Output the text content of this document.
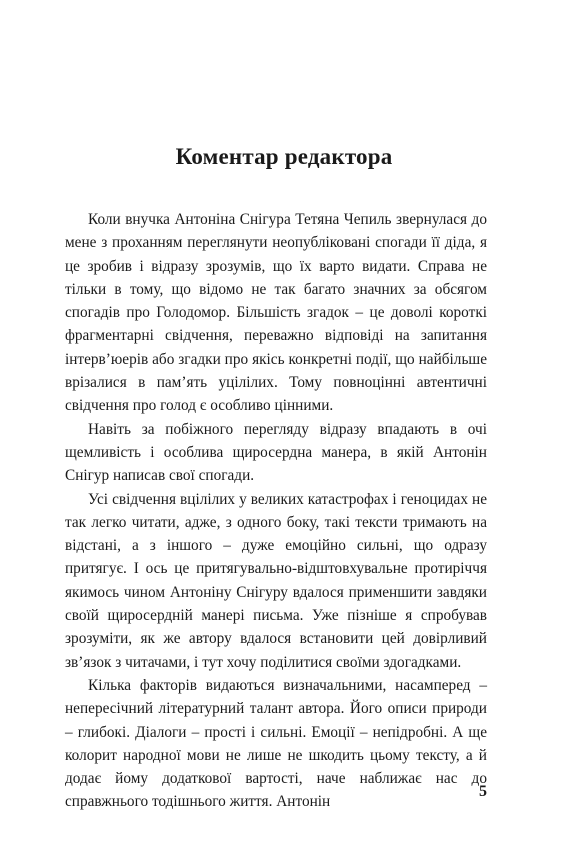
Коментар редактора

Коли внучка Антоніна Снігура Тетяна Чепиль звернулася до мене з проханням переглянути неопубліковані спогади її діда, я це зробив і відразу зрозумів, що їх варто видати. Справа не тільки в тому, що відомо не так багато значних за обсягом спогадів про Голодомор. Більшість згадок – це доволі короткі фрагментарні свідчення, переважно відповіді на запитання інтерв’юерів або згадки про якісь конкретні події, що найбільше врізалися в пам’ять уцілілих. Тому повноцінні автентичні свідчення про голод є особливо цінними.

Навіть за побіжного перегляду відразу впадають в очі щемливість і особлива щиросердна манера, в якій Антонін Снігур написав свої спогади.

Усі свідчення вцілілих у великих катастрофах і геноцидах не так легко читати, адже, з одного боку, такі тексти тримають на відстані, а з іншого – дуже емоційно сильні, що одразу притягує. І ось це притягувально-відштовхувальне протиріччя якимось чином Антоніну Снігуру вдалося применшити завдяки своїй щиросердній манері письма. Уже пізніше я спробував зрозуміти, як же автору вдалося встановити цей довірливий зв’язок з читачами, і тут хочу поділитися своїми здогадками.

Кілька факторів видаються визначальними, насамперед – непересічний літературний талант автора. Його описи природи – глибокі. Діалоги – прості і сильні. Емоції – непідробні. А ще колорит народної мови не лише не шкодить цьому тексту, а й додає йому додаткової вартості, наче наближає нас до справжнього тодішнього життя. Антонін

5
